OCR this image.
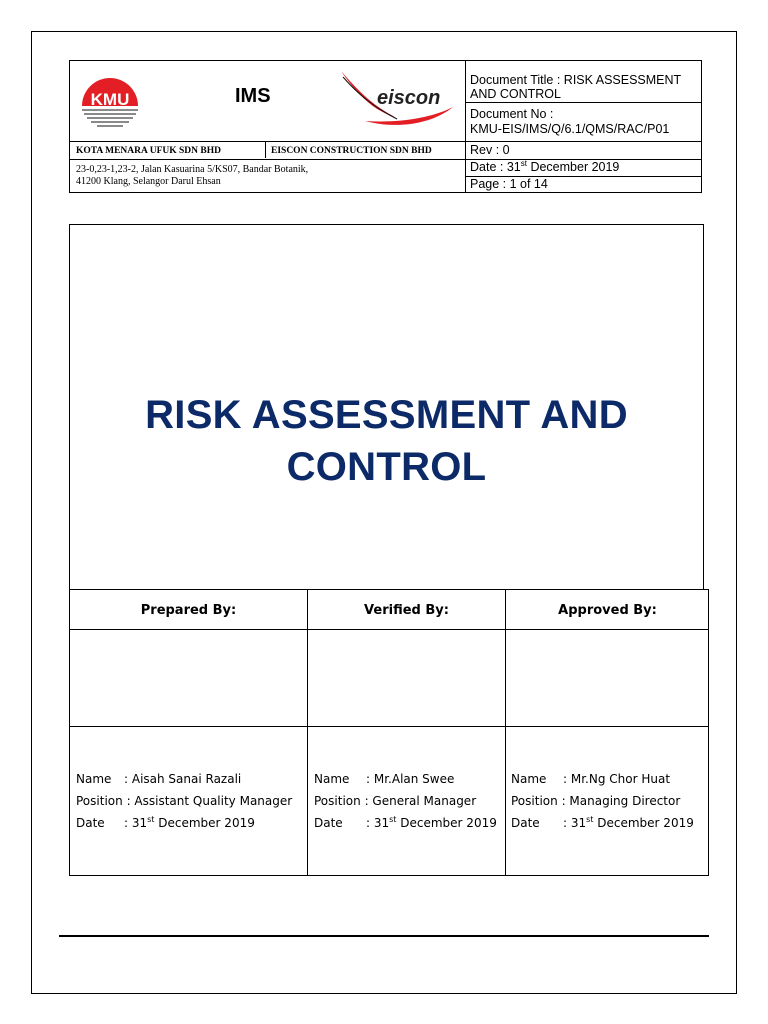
KMU	IMS	eiscon
KOTA MENARA UFUK SDN BHD	EISCON CONSTRUCTION SDN BHD
23-0,23-1,23-2, Jalan Kasuarina 5/KS07, Bandar Botanik,
41200 Klang, Selangor Darul Ehsan
Document Title : RISK ASSESSMENT
AND CONTROL
Document No :
KMU-EIS/IMS/Q/6.1/QMS/RAC/P01
Rev : 0
Date : 31st December 2019
Page : 1 of 14
RISK ASSESSMENT AND
CONTROL
Prepared By:	Verified By:	Approved By:
Name : Aisah Sanai Razali
Position : Assistant Quality Manager
Date : 31st December 2019
Name : Mr.Alan Swee
Position : General Manager
Date : 31st December 2019
Name : Mr.Ng Chor Huat
Position : Managing Director
Date : 31st December 2019
